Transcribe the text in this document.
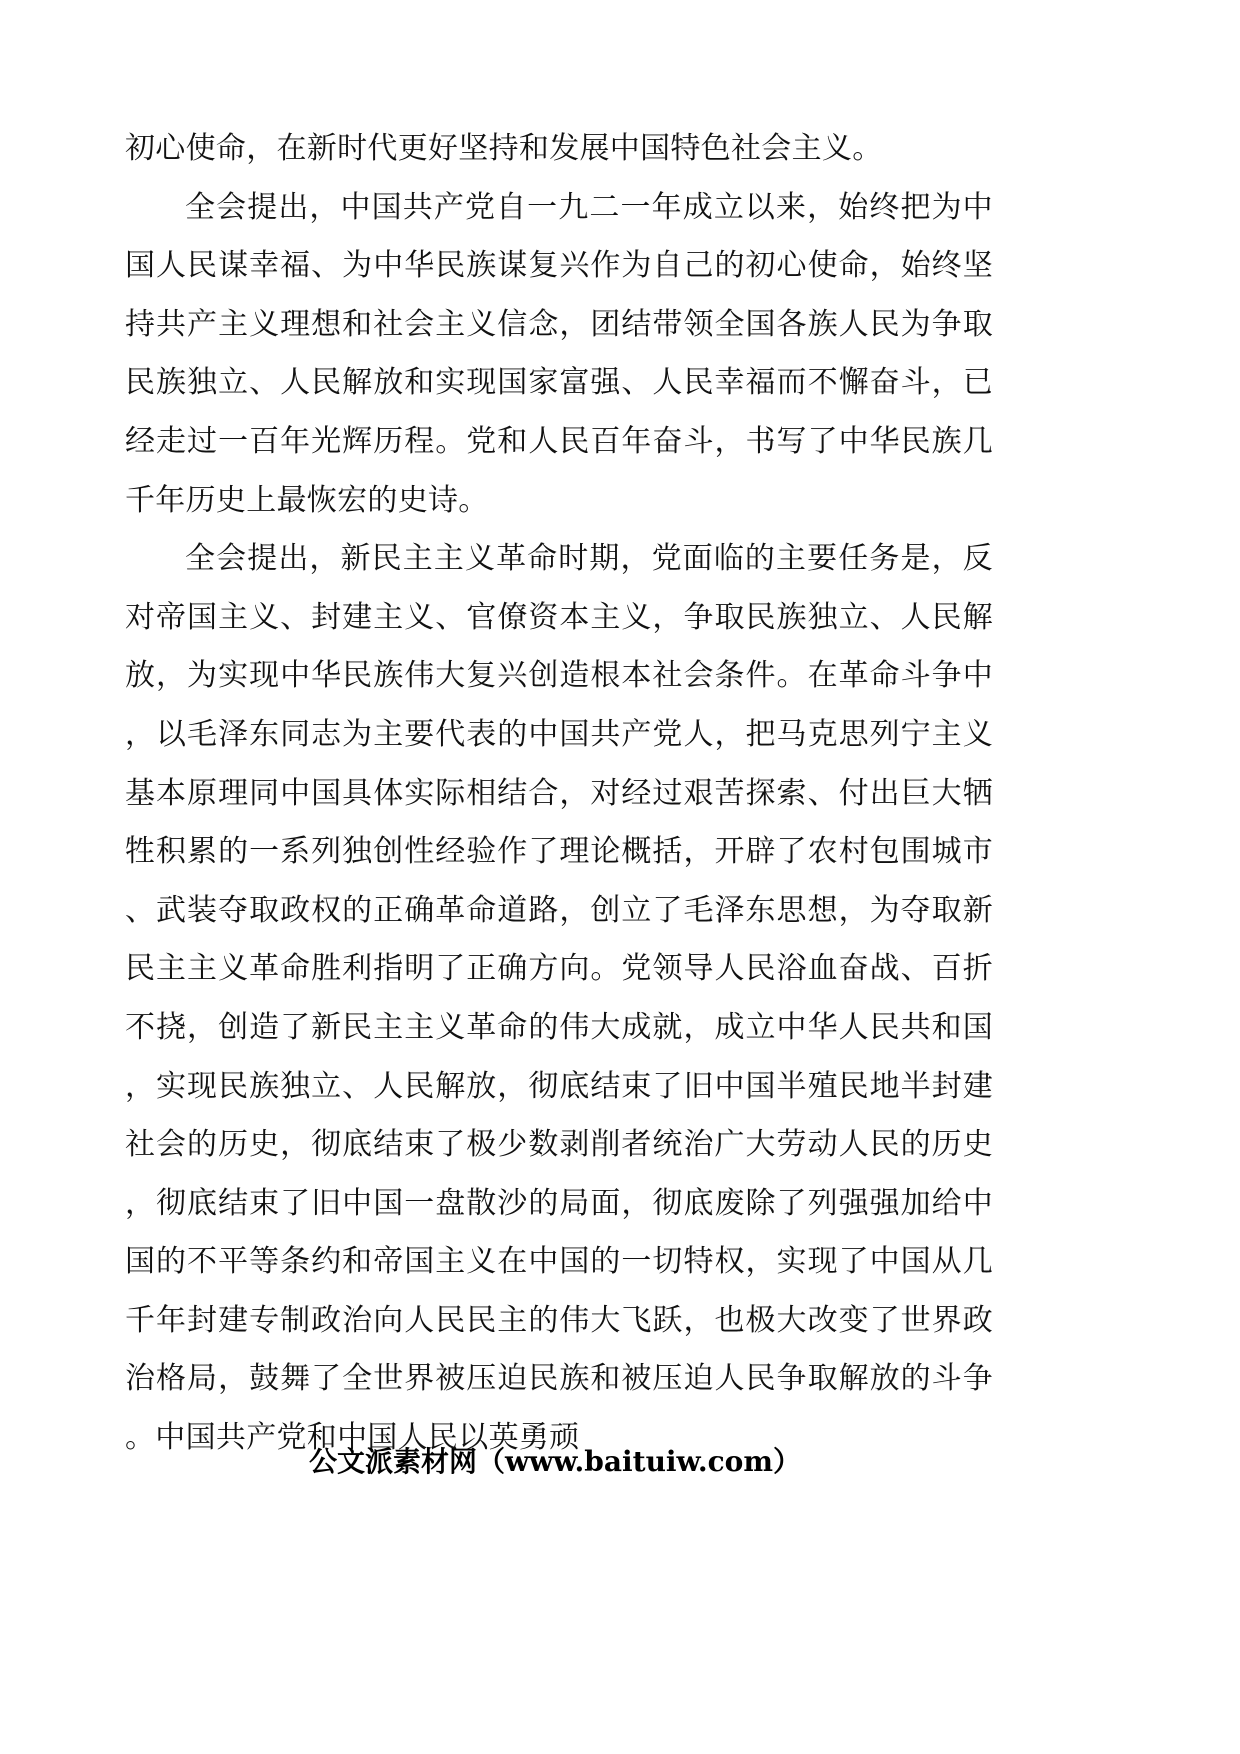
初心使命，在新时代更好坚持和发展中国特色社会主义。

全会提出，中国共产党自一九二一年成立以来，始终把为中国人民谋幸福、为中华民族谋复兴作为自己的初心使命，始终坚持共产主义理想和社会主义信念，团结带领全国各族人民为争取民族独立、人民解放和实现国家富强、人民幸福而不懈奋斗，已经走过一百年光辉历程。党和人民百年奋斗，书写了中华民族几千年历史上最恢宏的史诗。

全会提出，新民主主义革命时期，党面临的主要任务是，反对帝国主义、封建主义、官僚资本主义，争取民族独立、人民解放，为实现中华民族伟大复兴创造根本社会条件。在革命斗争中，以毛泽东同志为主要代表的中国共产党人，把马克思列宁主义基本原理同中国具体实际相结合，对经过艰苦探索、付出巨大牺牲积累的一系列独创性经验作了理论概括，开辟了农村包围城市、武装夺取政权的正确革命道路，创立了毛泽东思想，为夺取新民主主义革命胜利指明了正确方向。党领导人民浴血奋战、百折不挠，创造了新民主主义革命的伟大成就，成立中华人民共和国，实现民族独立、人民解放，彻底结束了旧中国半殖民地半封建社会的历史，彻底结束了极少数剥削者统治广大劳动人民的历史，彻底结束了旧中国一盘散沙的局面，彻底废除了列强强加给中国的不平等条约和帝国主义在中国的一切特权，实现了中国从几千年封建专制政治向人民民主的伟大飞跃，也极大改变了世界政治格局，鼓舞了全世界被压迫民族和被压迫人民争取解放的斗争。中国共产党和中国人民以英勇顽

公文派素材网（www.baituiw.com）
